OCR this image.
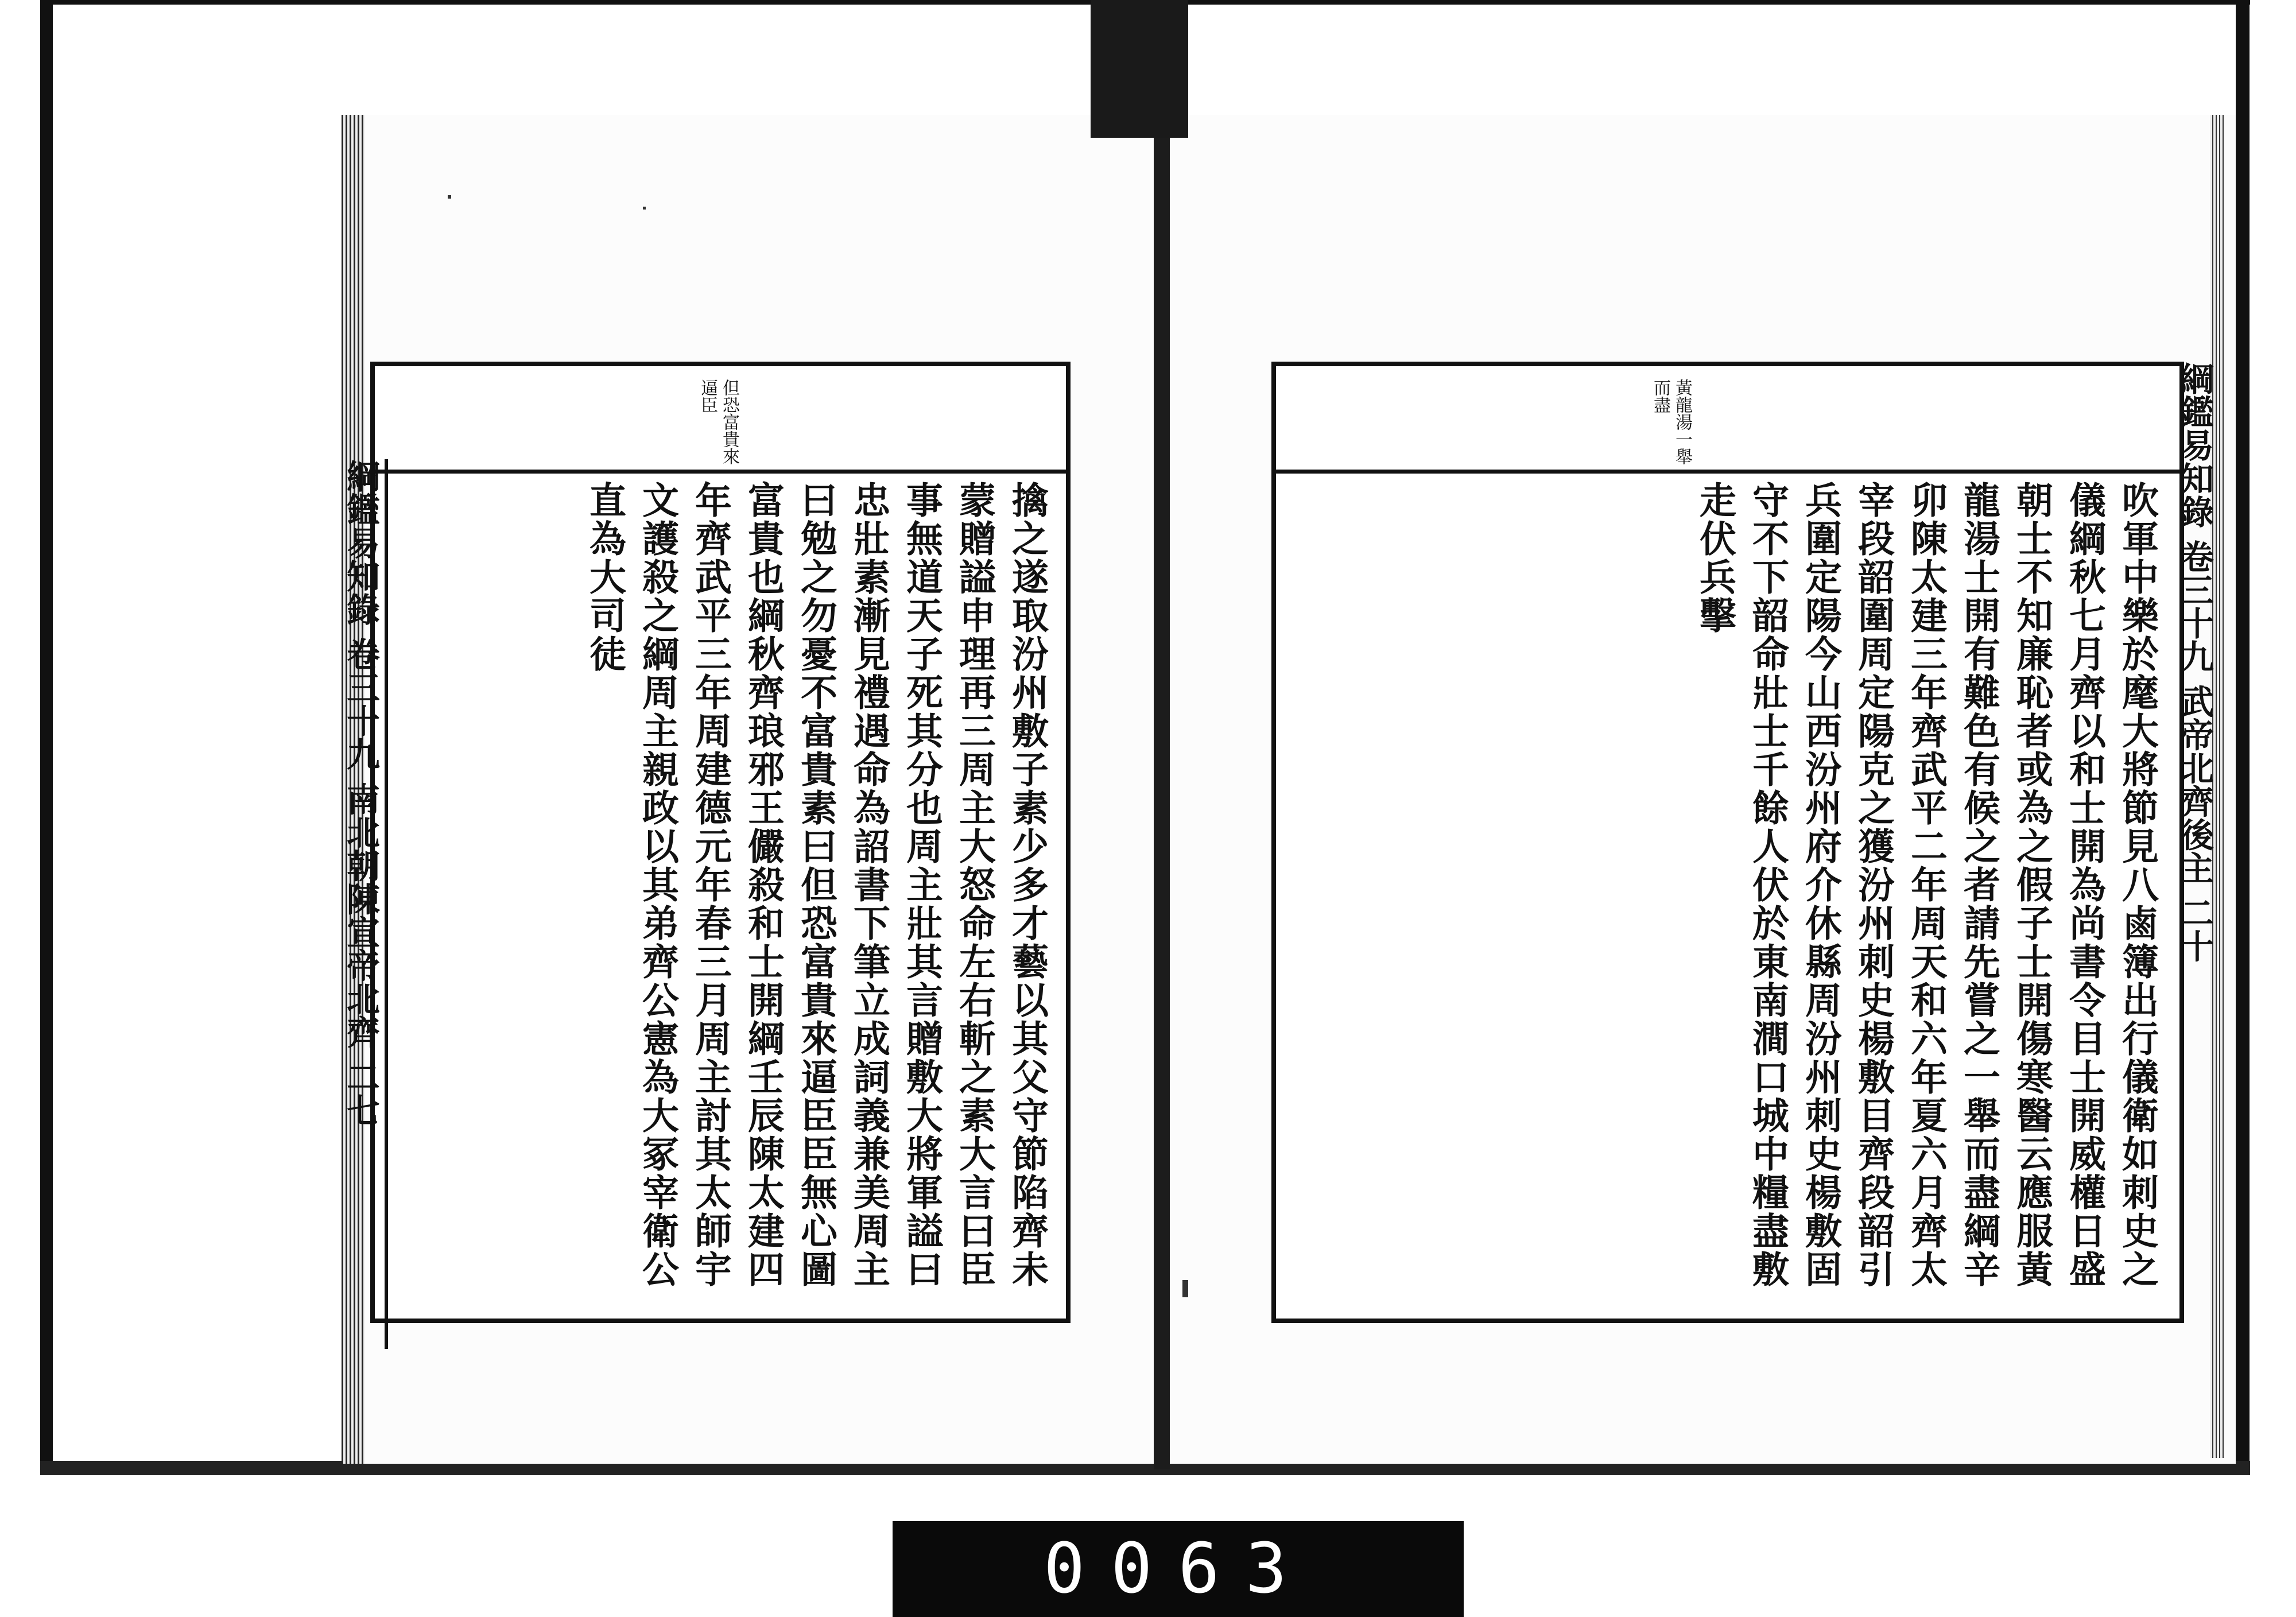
但恐富貴來逼臣
擒之遂取汾州敷子素少多才藝以其父守節陷齊未蒙贈謚申理再三周主大怒命左右斬之素大言曰臣事無道天子死其分也周主壯其言贈敷大將軍謚曰忠壯素漸見禮遇命為詔書下筆立成詞義兼美周主曰勉之勿憂不富貴素曰但恐富貴來逼臣臣無心圖富貴也綱秋齊琅邪王儼殺和士開綱壬辰陳太建四年齊武平三年周建德元年春三月周主討其太師宇文護殺之綱周主親政以其弟齊公憲為大冢宰衛公直為大司徒
綱鑑易知錄 卷三十九 南北朝陳宣帝北齊 二七
黃龍湯一舉而盡
吹軍中樂於麾大將節見八鹵簿出行儀衛如刺史之儀綱秋七月齊以和士開為尚書令目士開威權日盛朝士不知廉恥者或為之假子士開傷寒醫云應服黃龍湯士開有難色有候之者請先嘗之一舉而盡綱辛卯陳太建三年齊武平二年周天和六年夏六月齊太宰段韶圍周定陽克之獲汾州刺史楊敷目齊段韶引兵圍定陽今山西汾州府介休縣周汾州刺史楊敷固守不下韶命壯士千餘人伏於東南澗口城中糧盡敷走伏兵擊	綱鑑易知錄 卷三十九 武帝北齊後主 二十
0063
